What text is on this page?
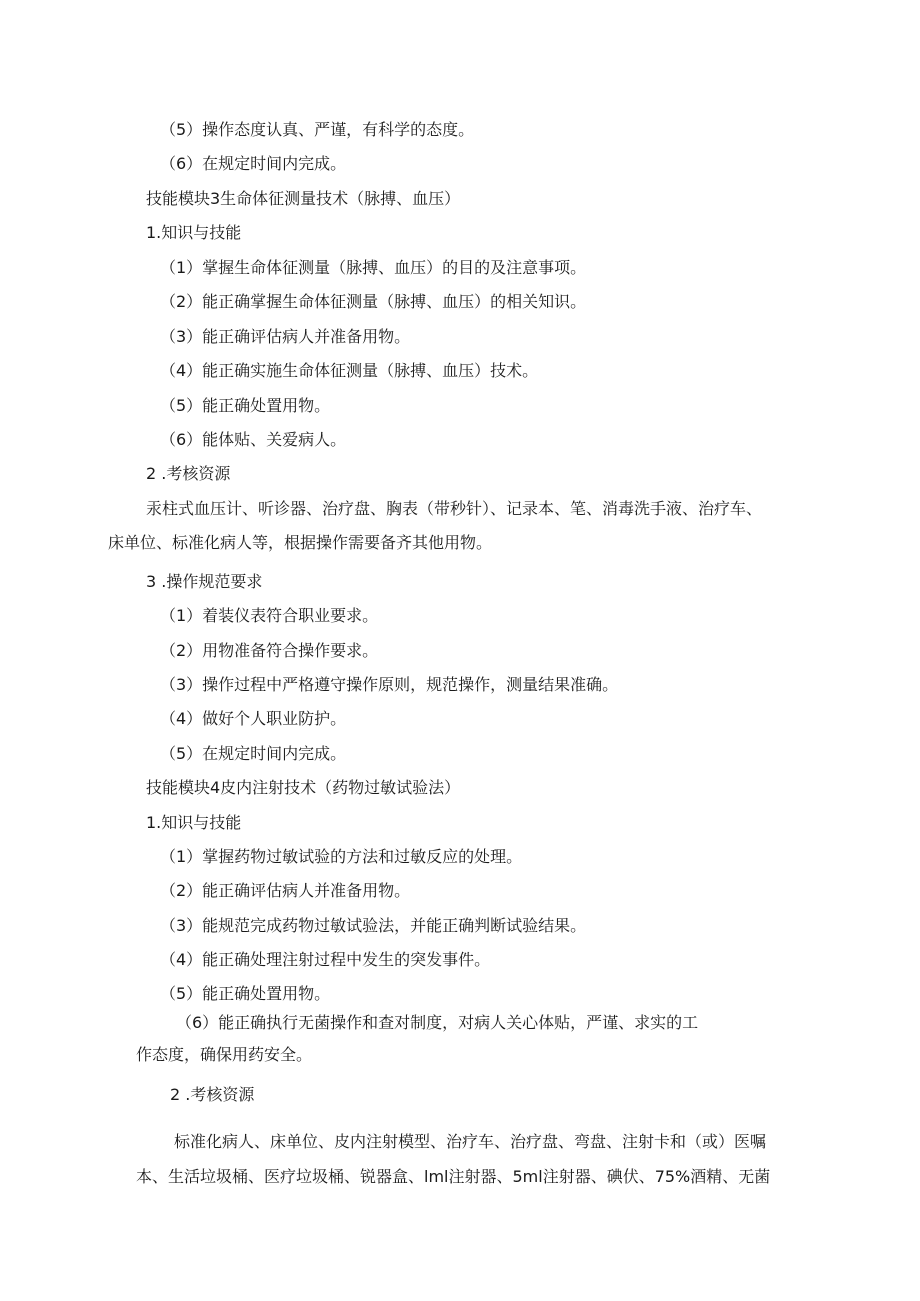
（5）操作态度认真、严谨，有科学的态度。
（6）在规定时间内完成。
技能模块3生命体征测量技术（脉搏、血压）
1.知识与技能
（1）掌握生命体征测量（脉搏、血压）的目的及注意事项。
（2）能正确掌握生命体征测量（脉搏、血压）的相关知识。
（3）能正确评估病人并准备用物。
（4）能正确实施生命体征测量（脉搏、血压）技术。
（5）能正确处置用物。
（6）能体贴、关爱病人。
2 .考核资源
汞柱式血压计、听诊器、治疗盘、胸表（带秒针）、记录本、笔、消毒洗手液、治疗车、
床单位、标准化病人等，根据操作需要备齐其他用物。
3 .操作规范要求
（1）着装仪表符合职业要求。
（2）用物准备符合操作要求。
（3）操作过程中严格遵守操作原则，规范操作，测量结果准确。
（4）做好个人职业防护。
（5）在规定时间内完成。
技能模块4皮内注射技术（药物过敏试验法）
1.知识与技能
（1）掌握药物过敏试验的方法和过敏反应的处理。
（2）能正确评估病人并准备用物。
（3）能规范完成药物过敏试验法，并能正确判断试验结果。
（4）能正确处理注射过程中发生的突发事件。
（5）能正确处置用物。
（6）能正确执行无菌操作和查对制度，对病人关心体贴，严谨、求实的工
作态度，确保用药安全。
2 .考核资源
标准化病人、床单位、皮内注射模型、治疗车、治疗盘、弯盘、注射卡和（或）医嘱
本、生活垃圾桶、医疗垃圾桶、锐器盒、lml注射器、5ml注射器、碘伏、75%酒精、无菌
